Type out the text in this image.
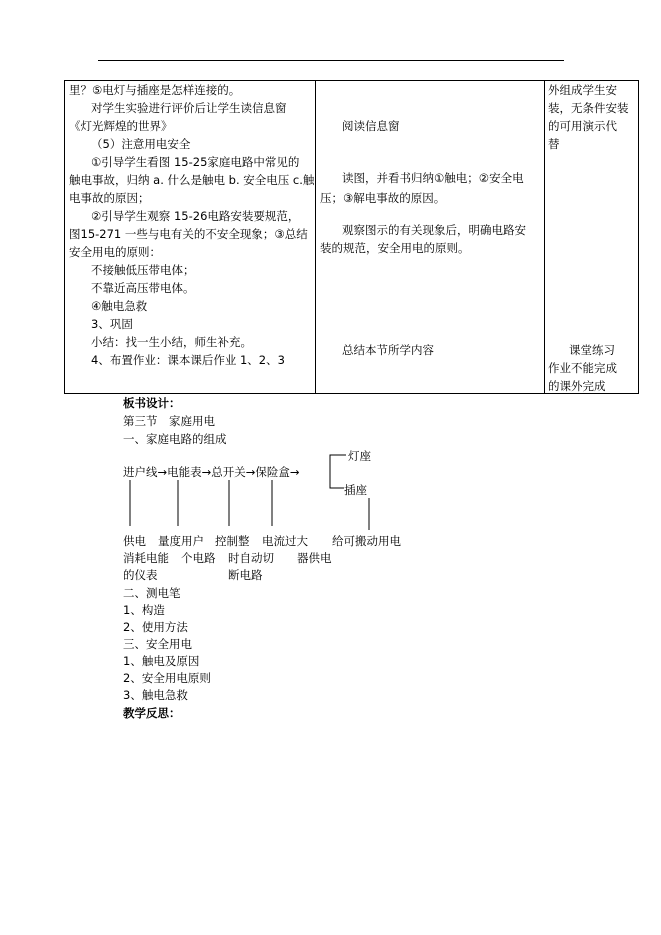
里？⑤电灯与插座是怎样连接的。
对学生实验进行评价后让学生读信息窗
《灯光辉煌的世界》
（5）注意用电安全
①引导学生看图 15-25家庭电路中常见的
触电事故，归纳 a. 什么是触电 b. 安全电压 c.触
电事故的原因；
②引导学生观察 15-26电路安装要规范，
图15-271 一些与电有关的不安全现象；③总结
安全用电的原则：
不接触低压带电体；
不靠近高压带电体。
④触电急救
3、巩固
小结：找一生小结，师生补充。
4、布置作业：课本课后作业 1、2、3

阅读信息窗
读图，并看书归纳①触电；②安全电
压；③解电事故的原因。
观察图示的有关现象后，明确电路安
装的规范，安全用电的原则。
总结本节所学内容

外组成学生安
装，无条件安装
的可用演示代
替
课堂练习
作业不能完成
的课外完成
板书设计：
第三节　家庭用电
一、家庭电路的组成
进户线→电能表→总开关→保险盒→
灯座
插座
供电
消耗电能
的仪表
量度用户
个电路
控制整
时自动切
断电路
电流过大
器供电
给可搬动用电
二、测电笔
1、构造
2、使用方法
三、安全用电
1、触电及原因
2、安全用电原则
3、触电急救
教学反思：
